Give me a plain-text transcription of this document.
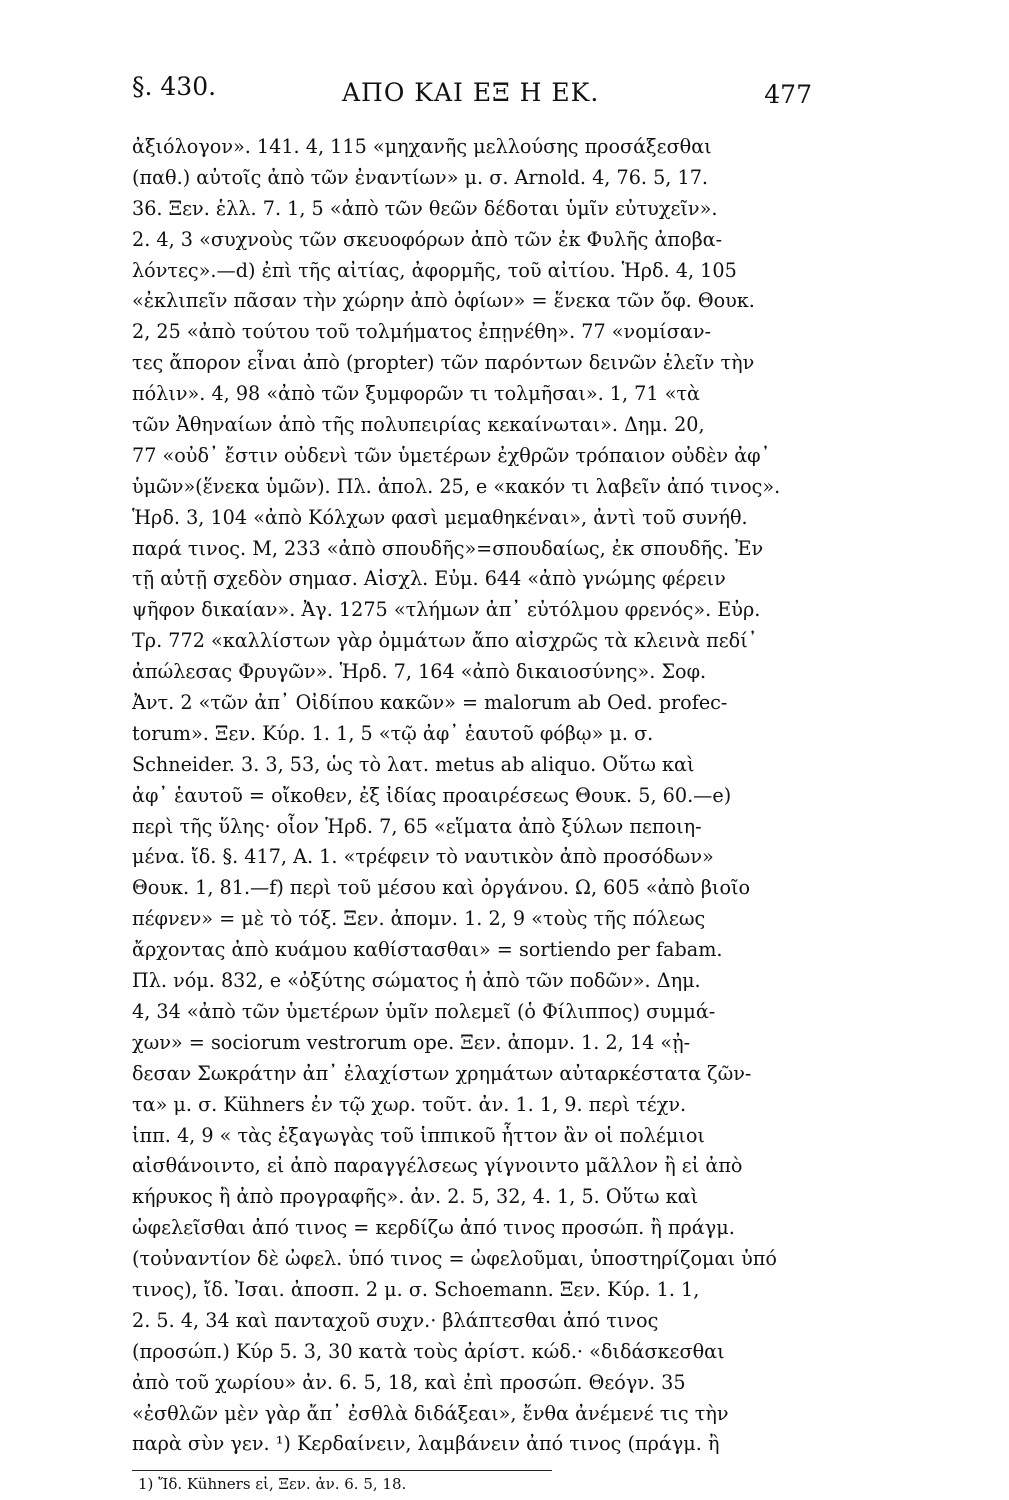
§. 430.	ΑΠΟ ΚΑΙ ΕΞ Η ΕΚ.	477
ἀξιόλογον». 141. 4, 115 «μηχανῆς μελλούσης προσάξεσθαι
(παθ.) αὐτοῖς ἀπὸ τῶν ἐναντίων» μ. σ. Arnold. 4, 76. 5, 17.
36. Ξεν. ἑλλ. 7. 1, 5 «ἀπὸ τῶν θεῶν δέδοται ὑμῖν εὐτυχεῖν».
2. 4, 3 «συχνοὺς τῶν σκευοφόρων ἀπὸ τῶν ἐκ Φυλῆς ἀποβα-
λόντες».—d) ἐπὶ τῆς αἰτίας, ἀφορμῆς, τοῦ αἰτίου. Ἡρδ. 4, 105
«ἐκλιπεῖν πᾶσαν τὴν χώρην ἀπὸ ὀφίων» = ἕνεκα τῶν ὄφ. Θουκ.
2, 25 «ἀπὸ τούτου τοῦ τολμήματος ἐπῃνέθη». 77 «νομίσαν-
τες ἄπορον εἶναι ἀπὸ (propter) τῶν παρόντων δεινῶν ἑλεῖν τὴν
πόλιν». 4, 98 «ἀπὸ τῶν ξυμφορῶν τι τολμῆσαι». 1, 71 «τὰ
τῶν Ἀθηναίων ἀπὸ τῆς πολυπειρίας κεκαίνωται». Δημ. 20,
77 «οὐδ᾽ ἔστιν οὐδενὶ τῶν ὑμετέρων ἐχθρῶν τρόπαιον οὐδὲν ἀφ᾽
ὑμῶν»(ἕνεκα ὑμῶν). Πλ. ἀπολ. 25, e «κακόν τι λαβεῖν ἀπό τινος».
Ἡρδ. 3, 104 «ἀπὸ Κόλχων φασὶ μεμαθηκέναι», ἀντὶ τοῦ συνήθ.
παρά τινος. Μ, 233 «ἀπὸ σπουδῆς»=σπουδαίως, ἐκ σπουδῆς. Ἐν
τῇ αὐτῇ σχεδὸν σημασ. Αἰσχλ. Εὐμ. 644 «ἀπὸ γνώμης φέρειν
ψῆφον δικαίαν». Ἀγ. 1275 «τλήμων ἀπ᾽ εὐτόλμου φρενός». Εὐρ.
Τρ. 772 «καλλίστων γὰρ ὀμμάτων ἄπο αἰσχρῶς τὰ κλεινὰ πεδί᾽
ἀπώλεσας Φρυγῶν». Ἡρδ. 7, 164 «ἀπὸ δικαιοσύνης». Σοφ.
Ἀντ. 2 «τῶν ἀπ᾽ Οἰδίπου κακῶν» = malorum ab Oed. profec-
torum». Ξεν. Κύρ. 1. 1, 5 «τῷ ἀφ᾽ ἑαυτοῦ φόβῳ» μ. σ.
Schneider. 3. 3, 53, ὡς τὸ λατ. metus ab aliquo. Οὕτω καὶ
ἀφ᾽ ἑαυτοῦ = οἴκοθεν, ἐξ ἰδίας προαιρέσεως Θουκ. 5, 60.—e)
περὶ τῆς ὕλης· οἷον Ἡρδ. 7, 65 «εἵματα ἀπὸ ξύλων πεποιη-
μένα. ἴδ. §. 417, A. 1. «τρέφειν τὸ ναυτικὸν ἀπὸ προσόδων»
Θουκ. 1, 81.—f) περὶ τοῦ μέσου καὶ ὀργάνου. Ω, 605 «ἀπὸ βιοῖο
πέφνεν» = μὲ τὸ τόξ. Ξεν. ἀπομν. 1. 2, 9 «τοὺς τῆς πόλεως
ἄρχοντας ἀπὸ κυάμου καθίστασθαι» = sortiendo per fabam.
Πλ. νόμ. 832, e «ὀξύτης σώματος ἡ ἀπὸ τῶν ποδῶν». Δημ.
4, 34 «ἀπὸ τῶν ὑμετέρων ὑμῖν πολεμεῖ (ὁ Φίλιππος) συμμά-
χων» = sociorum vestrorum ope. Ξεν. ἀπομν. 1. 2, 14 «ᾐ-
δεσαν Σωκράτην ἀπ᾽ ἐλαχίστων χρημάτων αὐταρκέστατα ζῶν-
τα» μ. σ. Kühners ἐν τῷ χωρ. τοῦτ. ἀν. 1. 1, 9. περὶ τέχν.
ἱππ. 4, 9 « τὰς ἐξαγωγὰς τοῦ ἱππικοῦ ἧττον ἂν οἱ πολέμιοι
αἰσθάνοιντο, εἰ ἀπὸ παραγγέλσεως γίγνοιντο μᾶλλον ἢ εἰ ἀπὸ
κήρυκος ἢ ἀπὸ προγραφῆς». ἀν. 2. 5, 32, 4. 1, 5. Οὕτω καὶ
ὠφελεῖσθαι ἀπό τινος = κερδίζω ἀπό τινος προσώπ. ἢ πράγμ.
(τοὐναντίον δὲ ὠφελ. ὑπό τινος = ὠφελοῦμαι, ὑποστηρίζομαι ὑπό
τινος), ἴδ. Ἰσαι. ἀποσπ. 2 μ. σ. Schoemann. Ξεν. Κύρ. 1. 1,
2. 5. 4, 34 καὶ πανταχοῦ συχν.· βλάπτεσθαι ἀπό τινος
(προσώπ.) Κύρ 5. 3, 30 κατὰ τοὺς ἀρίστ. κώδ.· «διδάσκεσθαι
ἀπὸ τοῦ χωρίου» ἀν. 6. 5, 18, καὶ ἐπὶ προσώπ. Θεόγν. 35
«ἐσθλῶν μὲν γὰρ ἄπ᾽ ἐσθλὰ διδάξεαι», ἔνθα ἀνέμενέ τις τὴν
παρὰ σὺν γεν. ¹) Κερδαίνειν, λαμβάνειν ἀπό τινος (πράγμ. ἢ
1) Ἴδ. Kühners εἰ, Ξεν. ἀν. 6. 5, 18.
